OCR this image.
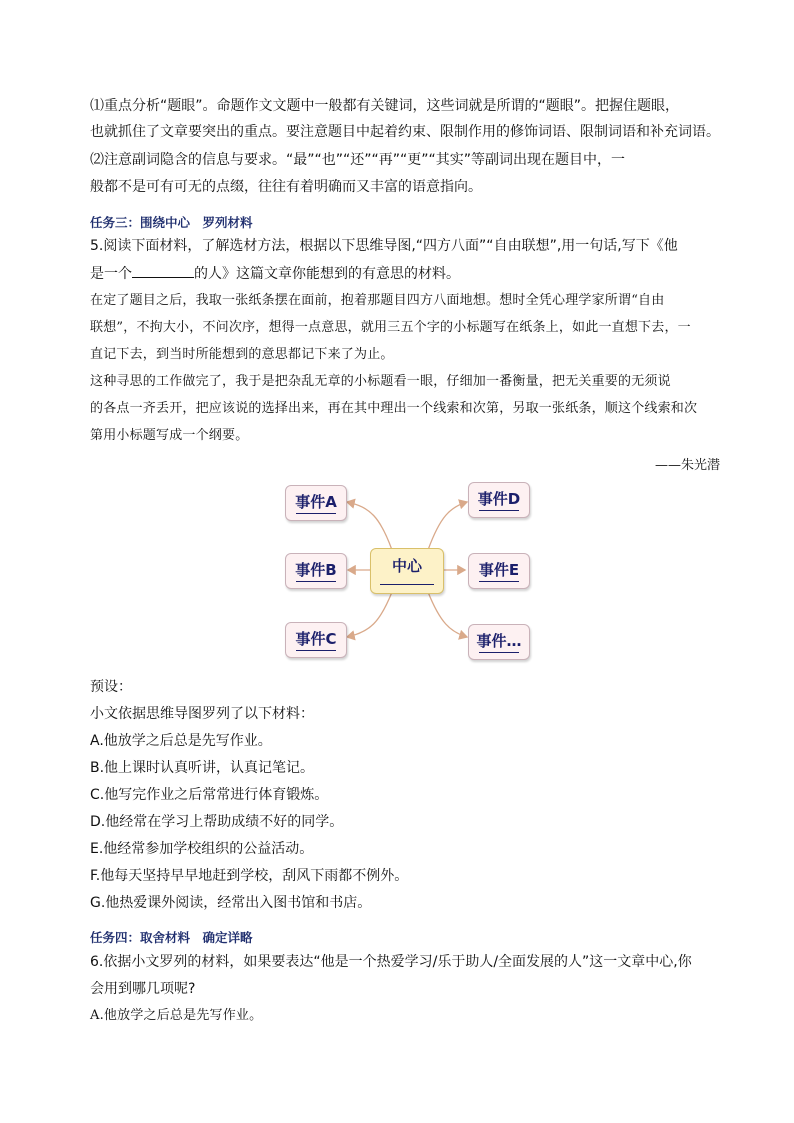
⑴重点分析“题眼”。命题作文文题中一般都有关键词，这些词就是所谓的“题眼”。把握住题眼，
也就抓住了文章要突出的重点。要注意题目中起着约束、限制作用的修饰词语、限制词语和补充词语。
⑵注意副词隐含的信息与要求。“最”“也”“还”“再”“更”“其实”等副词出现在题目中，一
般都不是可有可无的点缀，往往有着明确而又丰富的语意指向。
任务三：围绕中心　罗列材料
5.阅读下面材料，了解选材方法，根据以下思维导图,“四方八面”“自由联想”,用一句话,写下《他
是一个	的人》这篇文章你能想到的有意思的材料。
在定了题目之后，我取一张纸条摆在面前，抱着那题目四方八面地想。想时全凭心理学家所谓“自由
联想”，不拘大小，不问次序，想得一点意思，就用三五个字的小标题写在纸条上，如此一直想下去，一
直记下去，到当时所能想到的意思都记下来了为止。
这种寻思的工作做完了，我于是把杂乱无章的小标题看一眼，仔细加一番衡量，把无关重要的无须说
的各点一齐丢开，把应该说的选择出来，再在其中理出一个线索和次第，另取一张纸条，顺这个线索和次
第用小标题写成一个纲要。
——朱光潜
中心
事件A
事件B
事件C
事件D
事件E
事件…
预设：
小文依据思维导图罗列了以下材料：
A.他放学之后总是先写作业。
B.他上课时认真听讲，认真记笔记。
C.他写完作业之后常常进行体育锻炼。
D.他经常在学习上帮助成绩不好的同学。
E.他经常参加学校组织的公益活动。
F.他每天坚持早早地赶到学校，刮风下雨都不例外。
G.他热爱课外阅读，经常出入图书馆和书店。
任务四：取舍材料　确定详略
6.依据小文罗列的材料，如果要表达“他是一个热爱学习/乐于助人/全面发展的人”这一文章中心,你
会用到哪几项呢?
A.他放学之后总是先写作业。
